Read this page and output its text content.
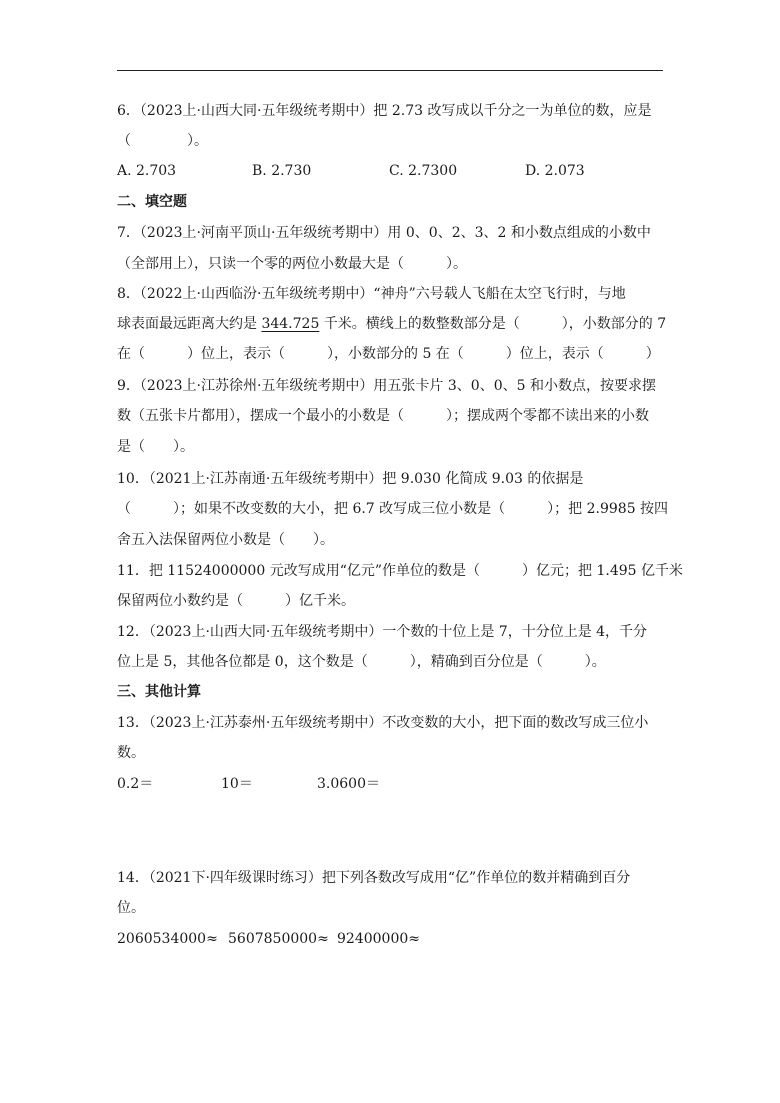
6．（2023上·山西大同·五年级统考期中）把 2.73 改写成以千分之一为单位的数，应是
（　　　　）。
A. 2.703	B. 2.730	C. 2.7300	D. 2.073
二、填空题
7．（2023上·河南平顶山·五年级统考期中）用 0、0、2、3、2 和小数点组成的小数中
（全部用上），只读一个零的两位小数最大是（　　　）。
8．（2022上·山西临汾·五年级统考期中）“神舟”六号载人飞船在太空飞行时，与地
球表面最远距离大约是 344.725 千米。横线上的数整数部分是（　　　），小数部分的 7
在（　　　）位上，表示（　　　），小数部分的 5 在（　　　）位上，表示（　　　）
9．（2023上·江苏徐州·五年级统考期中）用五张卡片 3、0、0、5 和小数点，按要求摆
数（五张卡片都用），摆成一个最小的小数是（　　　）；摆成两个零都不读出来的小数
是（　　）。
10．（2021上·江苏南通·五年级统考期中）把 9.030 化简成 9.03 的依据是
（　　　）；如果不改变数的大小，把 6.7 改写成三位小数是（　　　）；把 2.9985 按四
舍五入法保留两位小数是（　　）。
11．把 11524000000 元改写成用“亿元”作单位的数是（　　　）亿元；把 1.495 亿千米
保留两位小数约是（　　　）亿千米。
12．（2023上·山西大同·五年级统考期中）一个数的十位上是 7，十分位上是 4，千分
位上是 5，其他各位都是 0，这个数是（　　　），精确到百分位是（　　　）。
三、其他计算
13．（2023上·江苏泰州·五年级统考期中）不改变数的大小，把下面的数改写成三位小
数。
0.2＝	10＝	3.0600＝
14．（2021下·四年级课时练习）把下列各数改写成用“亿”作单位的数并精确到百分
位。
2060534000≈ 5607850000≈ 92400000≈
